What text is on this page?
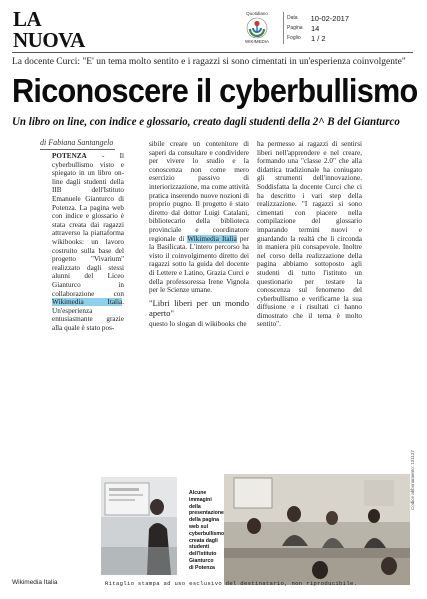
LA NUOVA
Quotidiano
WIKIMEDIA
Data	10-02-2017
Pagina	14
Foglio	1 / 2
La docente Curci: "E' un tema molto sentito e i ragazzi si sono cimentati in un'esperienza coinvolgente"
Riconoscere il cyberbullismo
Un libro on line, con indice e glossario, creato dagli studenti della 2^ B del Gianturco
di Fabiana Santangelo
POTENZA - Il cyberbullismo visto e spiegato in un libro on-line dagli studenti della IIB dell'Istituto Emanuele Gianturco di Potenza. La pagina web con indice e glossario è stata creata dai ragazzi attraverso la piattaforma wikibooks: un lavoro costruito sulla base del progetto "Vivarium" realizzato dagli stessi alunni del Liceo Gianturco in collaborazione con Wikimedia Italia. Un'esperienza entusiasmante grazie alla quale è stato pos-
sibile creare un contenitore di saperi da consultare e condividere per vivere lo studio e la conoscenza non come mero esercizio passivo di interiorizzazione, ma come attività pratica inserendo nuove nozioni di proprio pugno. Il progetto è stato diretto dal dottor Luigi Catalani, bibliotecario della biblioteca provinciale e coordinatore regionale di Wikimedia Italia per la Basilicata. L'intero percorso ha visto il coinvolgimento diretto dei ragazzi sotto la guida del docente di Lettere e Latino, Grazia Curci e della professoressa Irene Vignola per le Scienze umane.
"Libri liberi per un mondo aperto"
questo lo slogan di wikibooks che
ha permesso ai ragazzi di sentirsi liberi nell'apprendere e nel creare, formando una "classe 2.0" che alla didattica tradizionale ha coniugato gli strumenti dell'innovazione. Soddisfatta la docente Curci che ci ha descritto i vari step della realizzazione. "I ragazzi si sono cimentati con piacere nella compilazione del glossario imparando termini nuovi e guardando la realtà che li circonda in maniera più consapevole. Inoltre nel corso della realizzazione della pagina abbiamo sottoposto agli studenti di tutto l'istituto un questionario per testare la conoscenza sul fenomeno del cyberbullismo e verificarne la sua diffusione e i risultati ci hanno dimostrato che il tema è molto sentito".
Alcune immagini della presentazione della pagina web sul cyberbullismo creata dagli studenti dell'Istituto Gianturco di Potenza
Wikimedia Italia	Ritaglio stampa ad uso esclusivo del destinatario, non riproducibile.
Codice abbonamento: 131127
